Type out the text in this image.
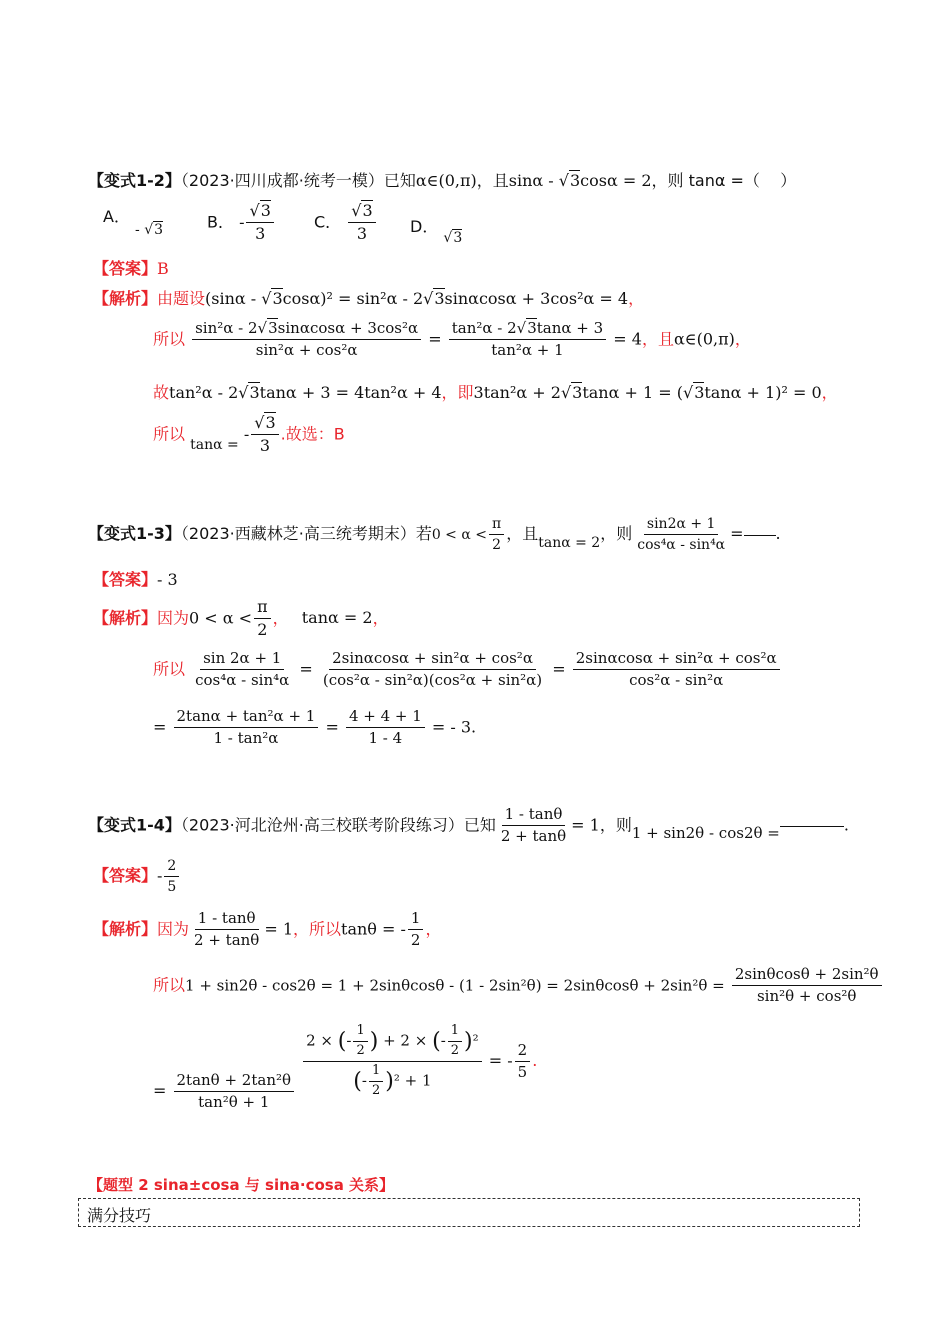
【变式1-2】（2023·四川成都·统考一模）已知α∈(0,π)，且sinα - √3cosα = 2，则 tanα =（    ）
A． - √3	B． - $\frac{√3}{3}$	C． $\frac{√3}{3}$ D． √3
【答案】B
【解析】由题设(sinα - √3cosα)² = sin²α - 2√3sinαcosα + 3cos²α = 4，
所以 $\frac{\text{sin²α - 2√3sinαcosα + 3cos²α}}{\text{sin²α + cos²α}} = \frac{\text{tan²α - 2√3tanα + 3}}{\text{tan²α + 1}} = 4$，且α∈(0,π)，
故tan²α - 2√3tanα + 3 = 4tan²α + 4，即3tan²α + 2√3tanα + 1 = (√3tanα + 1)² = 0，
所以 tanα = - $\frac{√3}{3}$ .故选：B
【变式1-3】（2023·西藏林芝·高三统考期末）若$0 < \alpha < \frac{\pi}{2}$ ，且tanα = 2，则 $\frac{\sin 2\alpha + 1}{\text{cos⁴α - sin⁴α}}$ = .
【答案】- 3
【解析】因为$0 < \alpha < \frac{\pi}{2}$ ， tanα = 2，
所以 $\frac{\sin 2\alpha + 1}{\text{cos⁴α - sin⁴α}} = \frac{\text{2sinαcosα + sin²α + cos²α}}{\text{(cos²α - sin²α)(cos²α + sin²α)}} = \frac{\text{2sinαcosα + sin²α + cos²α}}{\text{cos²α - sin²α}}$
= $\frac{\text{2tanα + tan²α + 1}}{\text{1 - tan²α}} = \frac{4 + 4 + 1}{1 - 4}$ = - 3.
【变式1-4】（2023·河北沧州·高三校联考阶段练习）已知 $\frac{1 - \tan\theta}{2 + \tan\theta} = 1$，则1 + sin2θ - cos2θ =	.
【答案】- $\frac{2}{5}$
【解析】因为 $\frac{1 - \tan\theta}{2 + \tan\theta} = 1$，所以tanθ = - $\frac{1}{2}$ ，
所以$1 + \sin 2\theta - \cos 2\theta = 1 + 2\sin\theta\cos\theta - (1 - 2\sin^2\theta) = 2\sin\theta\cos\theta + 2\sin^2\theta = \frac{\text{2sinθcosθ + 2sin²θ}}{\text{sin²θ + cos²θ}}$
= $\frac{\text{2tanθ + 2tan²θ}}{\text{tan²θ + 1}}$
$\frac{2 \times (- \frac{1}{2} ) + 2 \times (- \frac{1}{2} )^2}{(- \frac{1}{2} )^2 + 1}$ = - $\frac{2}{5}$ .
【题型 2 sina±cosa 与 sina·cosa 关系】
满分技巧
